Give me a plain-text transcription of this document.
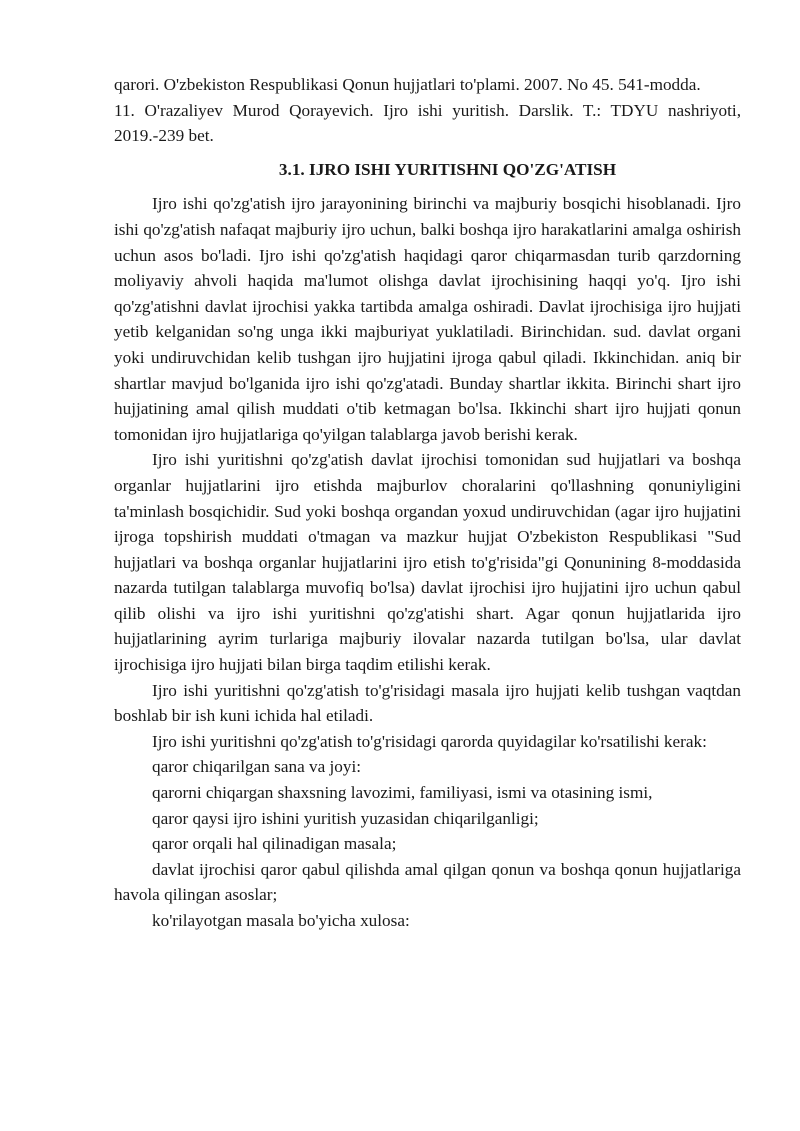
qarori. O'zbekiston Respublikasi Qonun hujjatlari to'plami. 2007. No 45. 541-modda.

11. O'razaliyev Murod Qorayevich. Ijro ishi yuritish. Darslik. T.: TDYU nashriyoti, 2019.-239 bet.

3.1. IJRO ISHI YURITISHNI QO'ZG'ATISH

Ijro ishi qo'zg'atish ijro jarayonining birinchi va majburiy bosqichi hisoblanadi. Ijro ishi qo'zg'atish nafaqat majburiy ijro uchun, balki boshqa ijro harakatlarini amalga oshirish uchun asos bo'ladi. Ijro ishi qo'zg'atish haqidagi qaror chiqarmasdan turib qarzdorning moliyaviy ahvoli haqida ma'lumot olishga davlat ijrochisining haqqi yo'q. Ijro ishi qo'zg'atishni davlat ijrochisi yakka tartibda amalga oshiradi. Davlat ijrochisiga ijro hujjati yetib kelganidan so'ng unga ikki majburiyat yuklatiladi. Birinchidan. sud. davlat organi yoki undiruvchidan kelib tushgan ijro hujjatini ijroga qabul qiladi. Ikkinchidan. aniq bir shartlar mavjud bo'lganida ijro ishi qo'zg'atadi. Bunday shartlar ikkita. Birinchi shart ijro hujjatining amal qilish muddati o'tib ketmagan bo'lsa. Ikkinchi shart ijro hujjati qonun tomonidan ijro hujjatlariga qo'yilgan talablarga javob berishi kerak.

Ijro ishi yuritishni qo'zg'atish davlat ijrochisi tomonidan sud hujjatlari va boshqa organlar hujjatlarini ijro etishda majburlov choralarini qo'llashning qonuniyligini ta'minlash bosqichidir. Sud yoki boshqa organdan yoxud undiruvchidan (agar ijro hujjatini ijroga topshirish muddati o'tmagan va mazkur hujjat O'zbekiston Respublikasi "Sud hujjatlari va boshqa organlar hujjatlarini ijro etish to'g'risida"gi Qonunining 8-moddasida nazarda tutilgan talablarga muvofiq bo'lsa) davlat ijrochisi ijro hujjatini ijro uchun qabul qilib olishi va ijro ishi yuritishni qo'zg'atishi shart. Agar qonun hujjatlarida ijro hujjatlarining ayrim turlariga majburiy ilovalar nazarda tutilgan bo'lsa, ular davlat ijrochisiga ijro hujjati bilan birga taqdim etilishi kerak.

Ijro ishi yuritishni qo'zg'atish to'g'risidagi masala ijro hujjati kelib tushgan vaqtdan boshlab bir ish kuni ichida hal etiladi.

Ijro ishi yuritishni qo'zg'atish to'g'risidagi qarorda quyidagilar ko'rsatilishi kerak:

qaror chiqarilgan sana va joyi:

qarorni chiqargan shaxsning lavozimi, familiyasi, ismi va otasining ismi,

qaror qaysi ijro ishini yuritish yuzasidan chiqarilganligi;

qaror orqali hal qilinadigan masala;

davlat ijrochisi qaror qabul qilishda amal qilgan qonun va boshqa qonun hujjatlariga havola qilingan asoslar;

ko'rilayotgan masala bo'yicha xulosa:
